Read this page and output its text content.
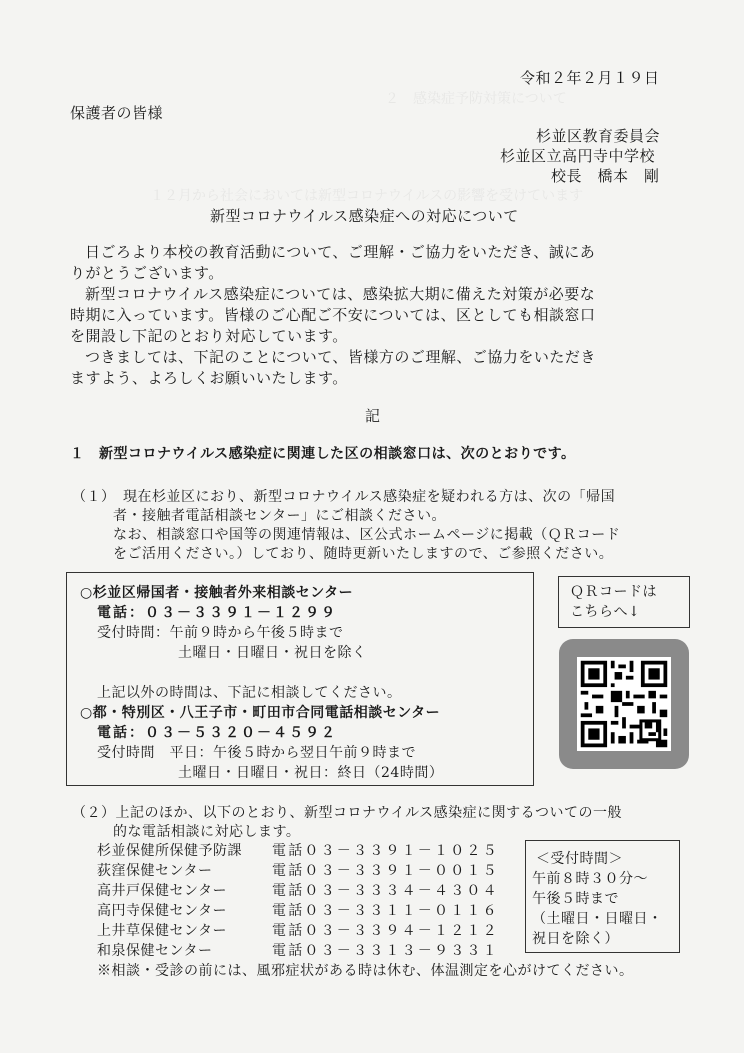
２　感染症予防対策について
１２月から社会においては新型コロナウイルスの影響を受けています
令和２年２月１９日
保護者の皆様
杉並区教育委員会
杉並区立高円寺中学校
校長　橋本　剛
新型コロナウイルス感染症への対応について
日ごろより本校の教育活動について、ご理解・ご協力をいただき、誠にあ
りがとうございます。
新型コロナウイルス感染症については、感染拡大期に備えた対策が必要な
時期に入っています。皆様のご心配ご不安については、区としても相談窓口
を開設し下記のとおり対応しています。
つきましては、下記のことについて、皆様方のご理解、ご協力をいただき
ますよう、よろしくお願いいたします。
記
１　新型コロナウイルス感染症に関連した区の相談窓口は、次のとおりです。
（１）　現在杉並区におり、新型コロナウイルス感染症を疑われる方は、次の「帰国
者・接触者電話相談センター」にご相談ください。
なお、相談窓口や国等の関連情報は、区公式ホームページに掲載（ＱＲコード
をご活用ください。）しており、随時更新いたしますので、ご参照ください。
○杉並区帰国者・接触者外来相談センター
電話：０３－３３９１－１２９９
受付時間：午前９時から午後５時まで
土曜日・日曜日・祝日を除く
上記以外の時間は、下記に相談してください。
○都・特別区・八王子市・町田市合同電話相談センター
電話：０３－５３２０－４５９２
受付時間　平日：午後５時から翌日午前９時まで
土曜日・日曜日・祝日：終日（24時間）
ＱＲコードは
こちらへ↓
（２）上記のほか、以下のとおり、新型コロナウイルス感染症に関するついての一般
的な電話相談に対応します。
杉並保健所保健予防課 電話０３－３３９１－１０２５
荻窪保健センター	電話０３－３３９１－００１５
高井戸保健センター	電話０３－３３３４－４３０４
高円寺保健センター	電話０３－３３１１－０１１６
上井草保健センター	電話０３－３３９４－１２１２
和泉保健センター	電話０３－３３１３－９３３１
＜受付時間＞
午前８時３０分～
午後５時まで
（土曜日・日曜日・
祝日を除く）
※相談・受診の前には、風邪症状がある時は休む、体温測定を心がけてください。
